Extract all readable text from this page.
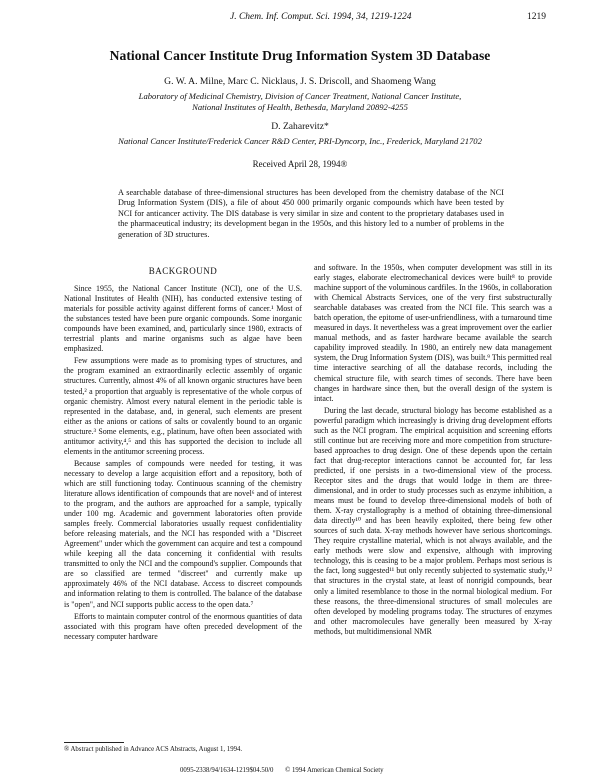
J. Chem. Inf. Comput. Sci. 1994, 34, 1219-1224	1219
National Cancer Institute Drug Information System 3D Database
G. W. A. Milne, Marc C. Nicklaus, J. S. Driscoll, and Shaomeng Wang
Laboratory of Medicinal Chemistry, Division of Cancer Treatment, National Cancer Institute,
National Institutes of Health, Bethesda, Maryland 20892-4255
D. Zaharevitz*
National Cancer Institute/Frederick Cancer R&D Center, PRI-Dyncorp, Inc., Frederick, Maryland 21702
Received April 28, 1994®
A searchable database of three-dimensional structures has been developed from the chemistry database of the NCI Drug Information System (DIS), a file of about 450 000 primarily organic compounds which have been tested by NCI for anticancer activity. The DIS database is very similar in size and content to the proprietary databases used in the pharmaceutical industry; its development began in the 1950s, and this history led to a number of problems in the generation of 3D structures.
BACKGROUND

Since 1955, the National Cancer Institute (NCI), one of the U.S. National Institutes of Health (NIH), has conducted extensive testing of materials for possible activity against different forms of cancer.¹ Most of the substances tested have been pure organic compounds. Some inorganic compounds have been examined, and, particularly since 1980, extracts of terrestrial plants and marine organisms such as algae have been emphasized.

Few assumptions were made as to promising types of structures, and the program examined an extraordinarily eclectic assembly of organic structures. Currently, almost 4% of all known organic structures have been tested,² a proportion that arguably is representative of the whole corpus of organic chemistry. Almost every natural element in the periodic table is represented in the database, and, in general, such elements are present either as the anions or cations of salts or covalently bound to an organic structure.³ Some elements, e.g., platinum, have often been associated with antitumor activity,⁴,⁵ and this has supported the decision to include all elements in the antitumor screening process.

Because samples of compounds were needed for testing, it was necessary to develop a large acquisition effort and a repository, both of which are still functioning today. Continuous scanning of the chemistry literature allows identification of compounds that are novel⁶ and of interest to the program, and the authors are approached for a sample, typically under 100 mg. Academic and government laboratories often provide samples freely. Commercial laboratories usually request confidentiality before releasing materials, and the NCI has responded with a "Discreet Agreement" under which the government can acquire and test a compound while keeping all the data concerning it confidential with results transmitted to only the NCI and the compound's supplier. Compounds that are so classified are termed "discreet" and currently make up approximately 46% of the NCI database. Access to discreet compounds and information relating to them is controlled. The balance of the database is "open", and NCI supports public access to the open data.⁷

Efforts to maintain computer control of the enormous quantities of data associated with this program have often preceded development of the necessary computer hardware

and software. In the 1950s, when computer development was still in its early stages, elaborate electromechanical devices were built⁸ to provide machine support of the voluminous cardfiles. In the 1960s, in collaboration with Chemical Abstracts Services, one of the very first substructurally searchable databases was created from the NCI file. This search was a batch operation, the epitome of user-unfriendliness, with a turnaround time measured in days. It nevertheless was a great improvement over the earlier manual methods, and as faster hardware became available the search capability improved steadily. In 1980, an entirely new data management system, the Drug Information System (DIS), was built.⁹ This permitted real time interactive searching of all the database records, including the chemical structure file, with search times of seconds. There have been changes in hardware since then, but the overall design of the system is intact.

During the last decade, structural biology has become established as a powerful paradigm which increasingly is driving drug development efforts such as the NCI program. The empirical acquisition and screening efforts still continue but are receiving more and more competition from structure-based approaches to drug design. One of these depends upon the certain fact that drug-receptor interactions cannot be accounted for, far less predicted, if one persists in a two-dimensional view of the process. Receptor sites and the drugs that would lodge in them are three-dimensional, and in order to study processes such as enzyme inhibition, a means must be found to develop three-dimensional models of both of them. X-ray crystallography is a method of obtaining three-dimensional data directly¹⁰ and has been heavily exploited, there being few other sources of such data. X-ray methods however have serious shortcomings. They require crystalline material, which is not always available, and the early methods were slow and expensive, although with improving technology, this is ceasing to be a major problem. Perhaps most serious is the fact, long suggested¹¹ but only recently subjected to systematic study,¹² that structures in the crystal state, at least of nonrigid compounds, bear only a limited resemblance to those in the normal biological medium. For these reasons, the three-dimensional structures of small molecules are often developed by modeling programs today. The structures of enzymes and other macromolecules have generally been measured by X-ray methods, but multidimensional NMR

® Abstract published in Advance ACS Abstracts, August 1, 1994.
0095-2338/94/1634-1219$04.50/0 © 1994 American Chemical Society
